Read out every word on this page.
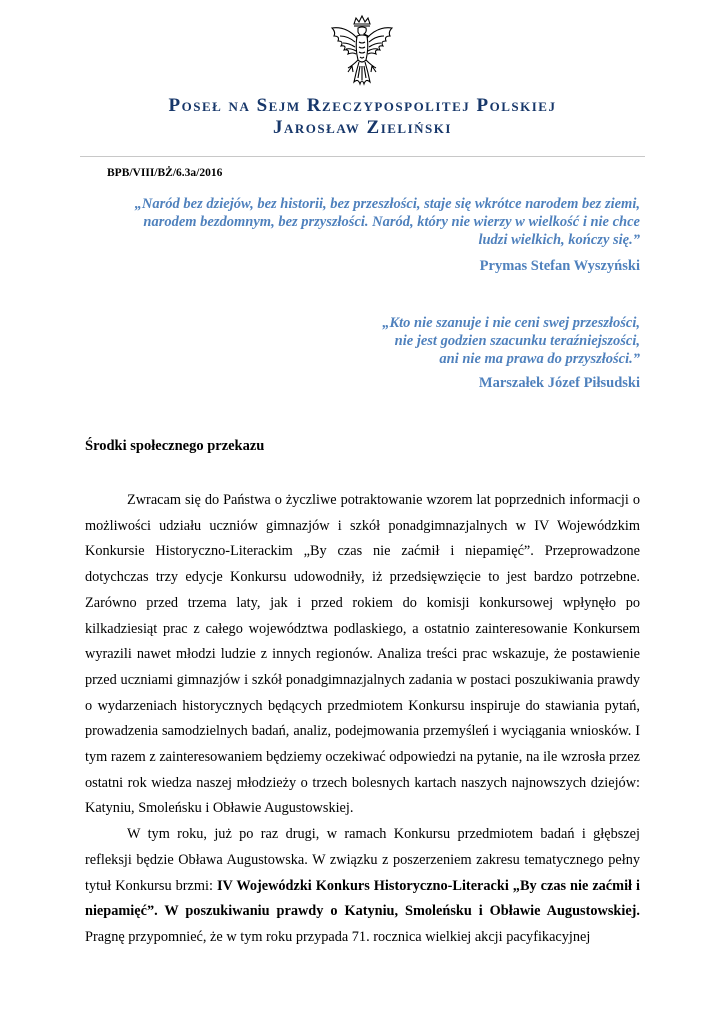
Poseł na Sejm Rzeczypospolitej Polskiej

Jarosław Zieliński

BPB/VIII/BŻ/6.3a/2016

„Naród bez dziejów, bez historii, bez przeszłości, staje się wkrótce narodem bez ziemi,
narodem bezdomnym, bez przyszłości. Naród, który nie wierzy w wielkość i nie chce
ludzi wielkich, kończy się.”

Prymas Stefan Wyszyński

„Kto nie szanuje i nie ceni swej przeszłości,
nie jest godzien szacunku teraźniejszości,
ani nie ma prawa do przyszłości.”

Marszałek Józef Piłsudski

Środki społecznego przekazu

Zwracam się do Państwa o życzliwe potraktowanie wzorem lat poprzednich informacji o możliwości udziału uczniów gimnazjów i szkół ponadgimnazjalnych w IV Wojewódzkim Konkursie Historyczno-Literackim „By czas nie zaćmił i niepamięć”. Przeprowadzone dotychczas trzy edycje Konkursu udowodniły, iż przedsięwzięcie to jest bardzo potrzebne. Zarówno przed trzema laty, jak i przed rokiem do komisji konkursowej wpłynęło po kilkadziesiąt prac z całego województwa podlaskiego, a ostatnio zainteresowanie Konkursem wyrazili nawet młodzi ludzie z innych regionów. Analiza treści prac wskazuje, że postawienie przed uczniami gimnazjów i szkół ponadgimnazjalnych zadania w postaci poszukiwania prawdy o wydarzeniach historycznych będących przedmiotem Konkursu inspiruje do stawiania pytań, prowadzenia samodzielnych badań, analiz, podejmowania przemyśleń i wyciągania wniosków. I tym razem z zainteresowaniem będziemy oczekiwać odpowiedzi na pytanie, na ile wzrosła przez ostatni rok wiedza naszej młodzieży o trzech bolesnych kartach naszych najnowszych dziejów: Katyniu, Smoleńsku i Obławie Augustowskiej.

W tym roku, już po raz drugi, w ramach Konkursu przedmiotem badań i głębszej refleksji będzie Obława Augustowska. W związku z poszerzeniem zakresu tematycznego pełny tytuł Konkursu brzmi: IV Wojewódzki Konkurs Historyczno-Literacki „By czas nie zaćmił i niepamięć”. W poszukiwaniu prawdy o Katyniu, Smoleńsku i Obławie Augustowskiej. Pragnę przypomnieć, że w tym roku przypada 71. rocznica wielkiej akcji pacyfikacyjnej
